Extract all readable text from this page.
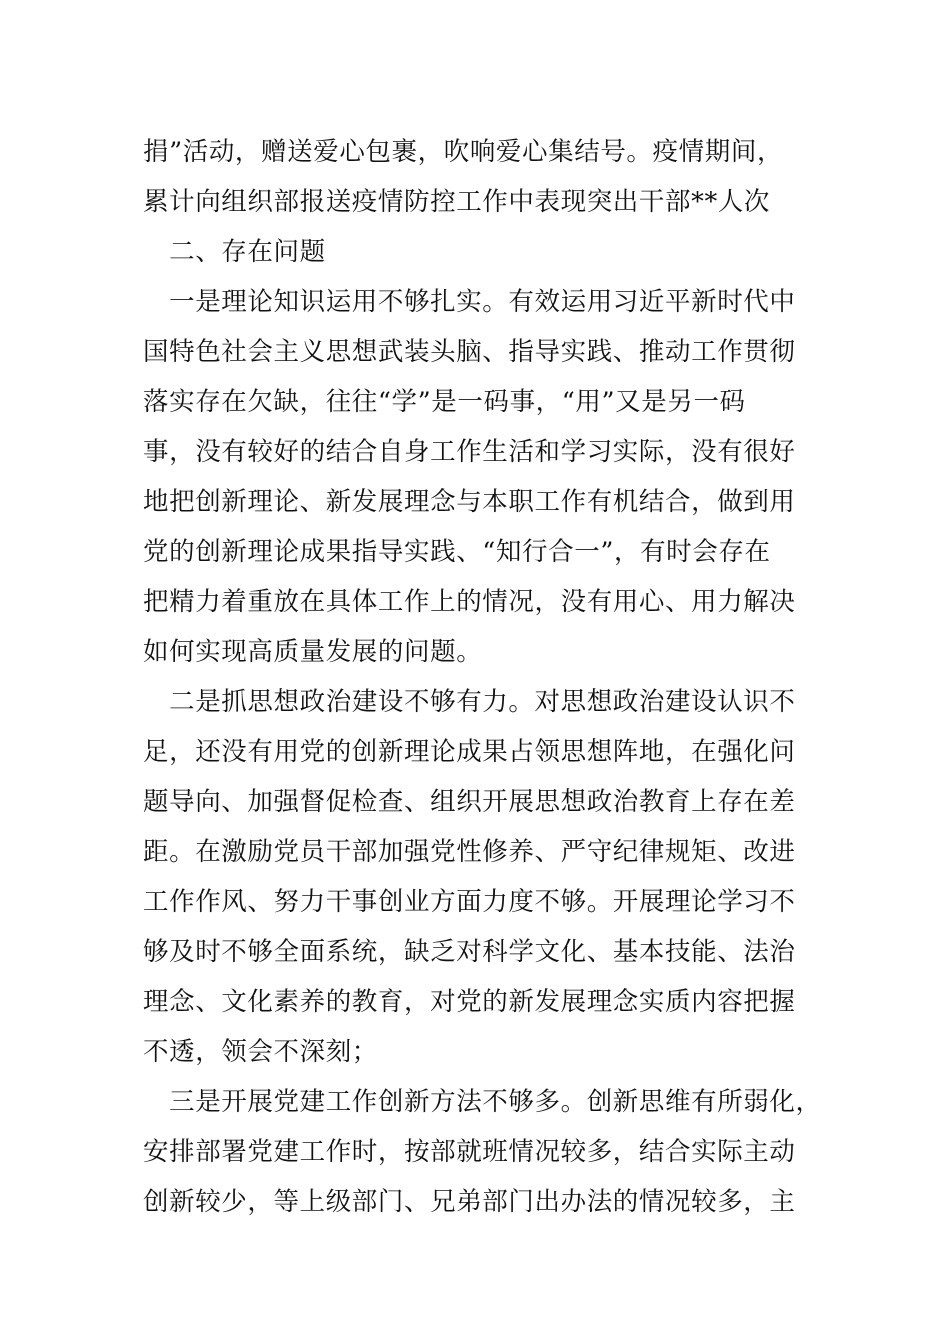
捐”活动，赠送爱心包裹，吹响爱心集结号。疫情期间，
累计向组织部报送疫情防控工作中表现突出干部**人次
　二、存在问题
　一是理论知识运用不够扎实。有效运用习近平新时代中
国特色社会主义思想武装头脑、指导实践、推动工作贯彻
落实存在欠缺，往往“学”是一码事，“用”又是另一码
事，没有较好的结合自身工作生活和学习实际，没有很好
地把创新理论、新发展理念与本职工作有机结合，做到用
党的创新理论成果指导实践、“知行合一”，有时会存在
把精力着重放在具体工作上的情况，没有用心、用力解决
如何实现高质量发展的问题。
　二是抓思想政治建设不够有力。对思想政治建设认识不
足，还没有用党的创新理论成果占领思想阵地，在强化问
题导向、加强督促检查、组织开展思想政治教育上存在差
距。在激励党员干部加强党性修养、严守纪律规矩、改进
工作作风、努力干事创业方面力度不够。开展理论学习不
够及时不够全面系统，缺乏对科学文化、基本技能、法治
理念、文化素养的教育，对党的新发展理念实质内容把握
不透，领会不深刻；
　三是开展党建工作创新方法不够多。创新思维有所弱化，
安排部署党建工作时，按部就班情况较多，结合实际主动
创新较少，等上级部门、兄弟部门出办法的情况较多，主
